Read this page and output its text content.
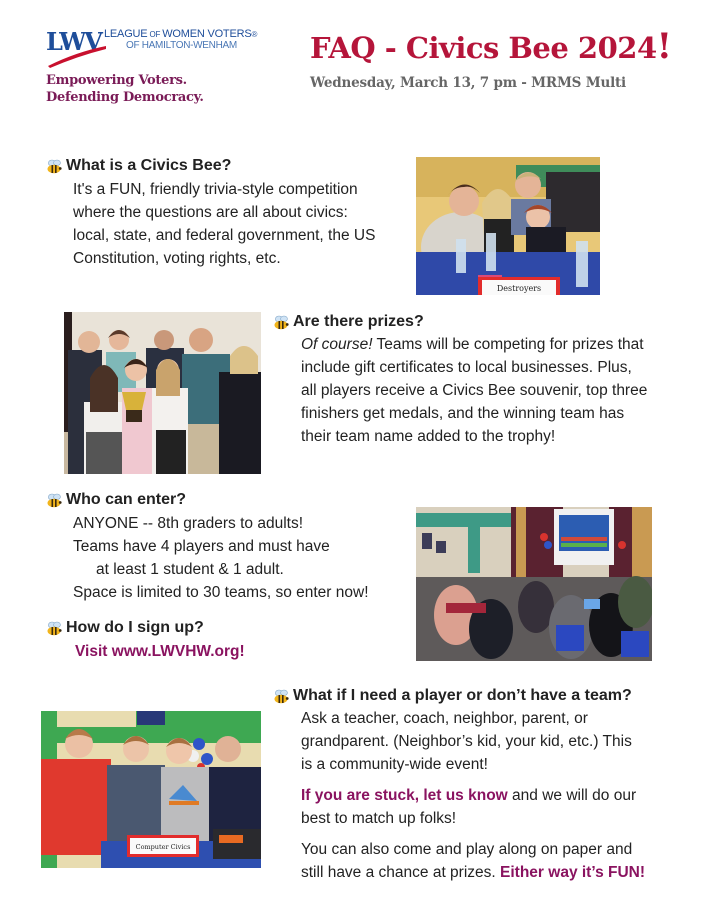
LWV LEAGUE OF WOMEN VOTERS®
OF HAMILTON-WENHAM
Empowering Voters.
Defending Democracy.
FAQ - Civics Bee 2024!
Wednesday, March 13, 7 pm - MRMS Multi
What is a Civics Bee?
It's a FUN, friendly trivia-style competition
where the questions are all about civics:
local, state, and federal government, the US
Constitution, voting rights, etc.
Destroyers
Are there prizes?
Of course! Teams will be competing for prizes that
include gift certificates to local businesses. Plus,
all players receive a Civics Bee souvenir, top three
finishers get medals, and the winning team has
their team name added to the trophy!
Who can enter?
ANYONE -- 8th graders to adults!
Teams have 4 players and must have
at least 1 student & 1 adult.
Space is limited to 30 teams, so enter now!
How do I sign up?
Visit www.LWVHW.org!
Computer Civics
What if I need a player or don’t have a team?
Ask a teacher, coach, neighbor, parent, or
grandparent. (Neighbor’s kid, your kid, etc.) This
is a community-wide event!
If you are stuck, let us know and we will do our
best to match up folks!
You can also come and play along on paper and
still have a chance at prizes. Either way it’s FUN!
